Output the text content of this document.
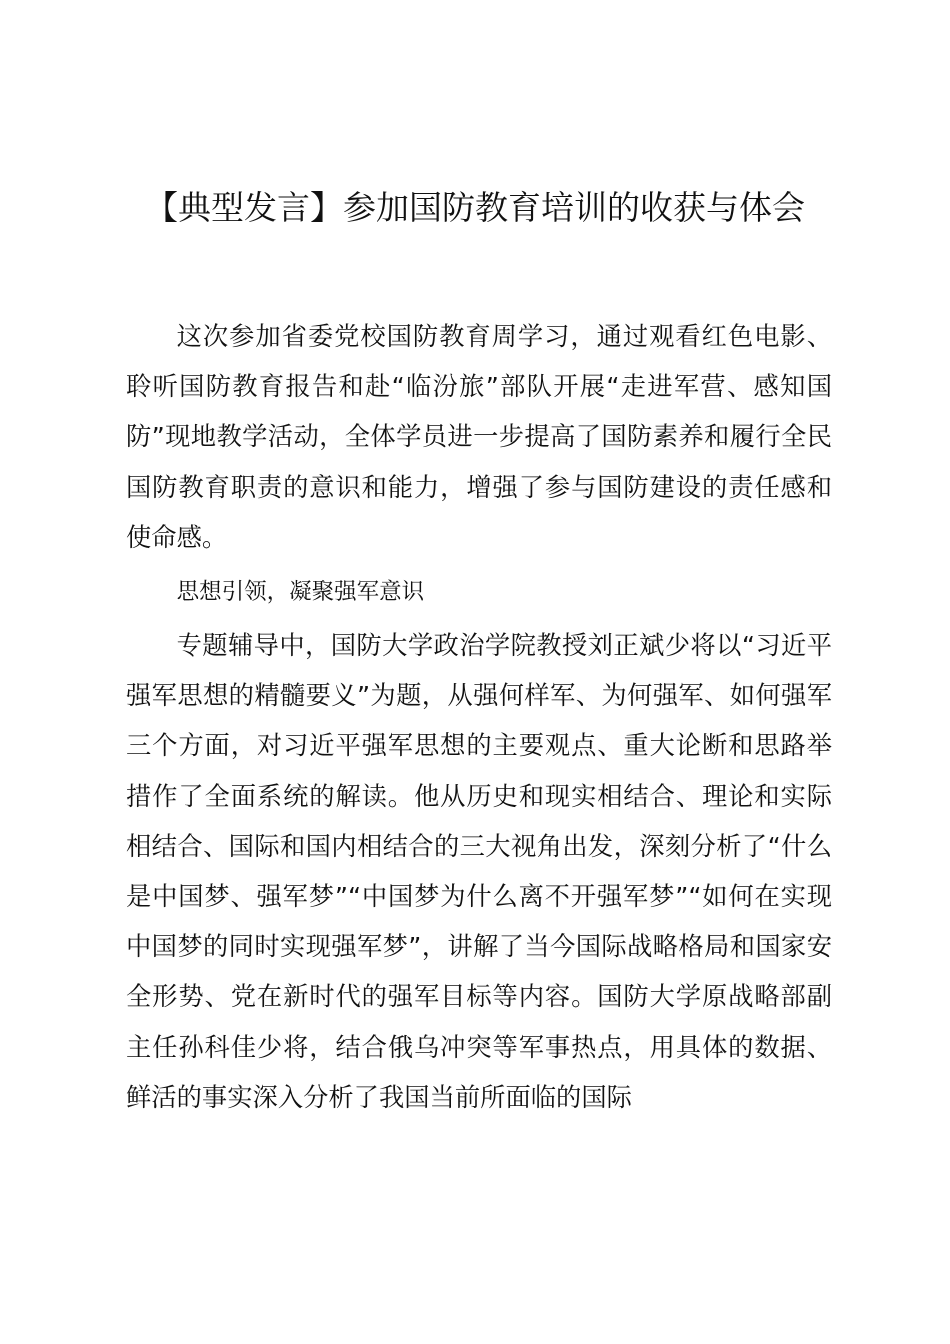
【典型发言】参加国防教育培训的收获与体会

这次参加省委党校国防教育周学习，通过观看红色电影、聆听国防教育报告和赴“临汾旅”部队开展“走进军营、感知国防”现地教学活动，全体学员进一步提高了国防素养和履行全民国防教育职责的意识和能力，增强了参与国防建设的责任感和使命感。

思想引领，凝聚强军意识

专题辅导中，国防大学政治学院教授刘正斌少将以“习近平强军思想的精髓要义”为题，从强何样军、为何强军、如何强军三个方面，对习近平强军思想的主要观点、重大论断和思路举措作了全面系统的解读。他从历史和现实相结合、理论和实际相结合、国际和国内相结合的三大视角出发，深刻分析了“什么是中国梦、强军梦”“中国梦为什么离不开强军梦”“如何在实现中国梦的同时实现强军梦”，讲解了当今国际战略格局和国家安全形势、党在新时代的强军目标等内容。国防大学原战略部副主任孙科佳少将，结合俄乌冲突等军事热点，用具体的数据、鲜活的事实深入分析了我国当前所面临的国际
